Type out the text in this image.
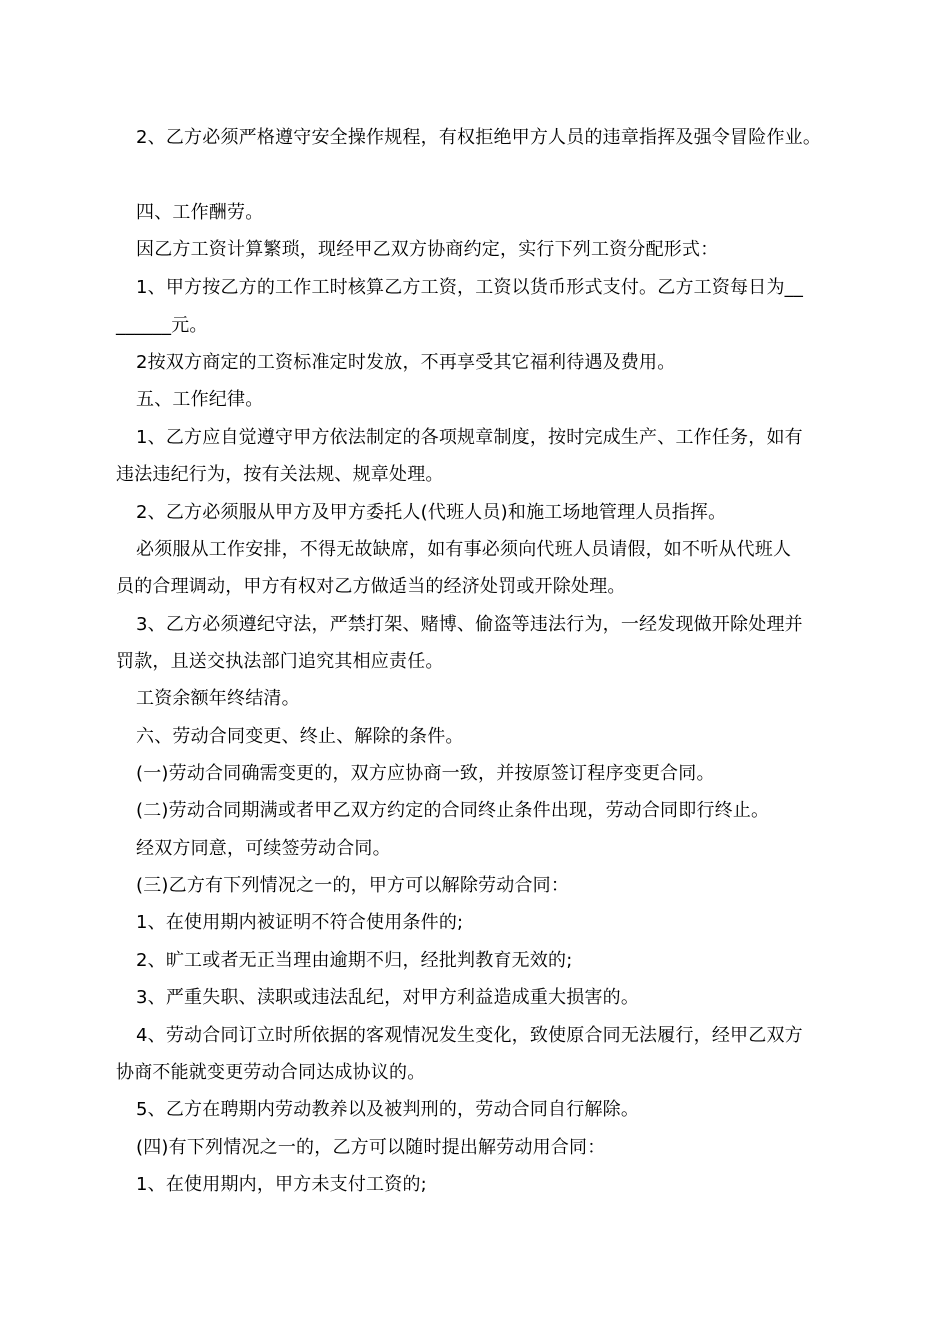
2、乙方必须严格遵守安全操作规程，有权拒绝甲方人员的违章指挥及强令冒险作业。
四、工作酬劳。
因乙方工资计算繁琐，现经甲乙双方协商约定，实行下列工资分配形式：
1、甲方按乙方的工作工时核算乙方工资，工资以货币形式支付。乙方工资每日为__
______元。
2按双方商定的工资标准定时发放，不再享受其它福利待遇及费用。
五、工作纪律。
1、乙方应自觉遵守甲方依法制定的各项规章制度，按时完成生产、工作任务，如有
违法违纪行为，按有关法规、规章处理。
2、乙方必须服从甲方及甲方委托人(代班人员)和施工场地管理人员指挥。
必须服从工作安排，不得无故缺席，如有事必须向代班人员请假，如不听从代班人
员的合理调动，甲方有权对乙方做适当的经济处罚或开除处理。
3、乙方必须遵纪守法，严禁打架、赌博、偷盗等违法行为，一经发现做开除处理并
罚款，且送交执法部门追究其相应责任。
工资余额年终结清。
六、劳动合同变更、终止、解除的条件。
(一)劳动合同确需变更的，双方应协商一致，并按原签订程序变更合同。
(二)劳动合同期满或者甲乙双方约定的合同终止条件出现，劳动合同即行终止。
经双方同意，可续签劳动合同。
(三)乙方有下列情况之一的，甲方可以解除劳动合同：
1、在使用期内被证明不符合使用条件的;
2、旷工或者无正当理由逾期不归，经批判教育无效的;
3、严重失职、渎职或违法乱纪，对甲方利益造成重大损害的。
4、劳动合同订立时所依据的客观情况发生变化，致使原合同无法履行，经甲乙双方
协商不能就变更劳动合同达成协议的。
5、乙方在聘期内劳动教养以及被判刑的，劳动合同自行解除。
(四)有下列情况之一的，乙方可以随时提出解劳动用合同：
1、在使用期内，甲方未支付工资的;
